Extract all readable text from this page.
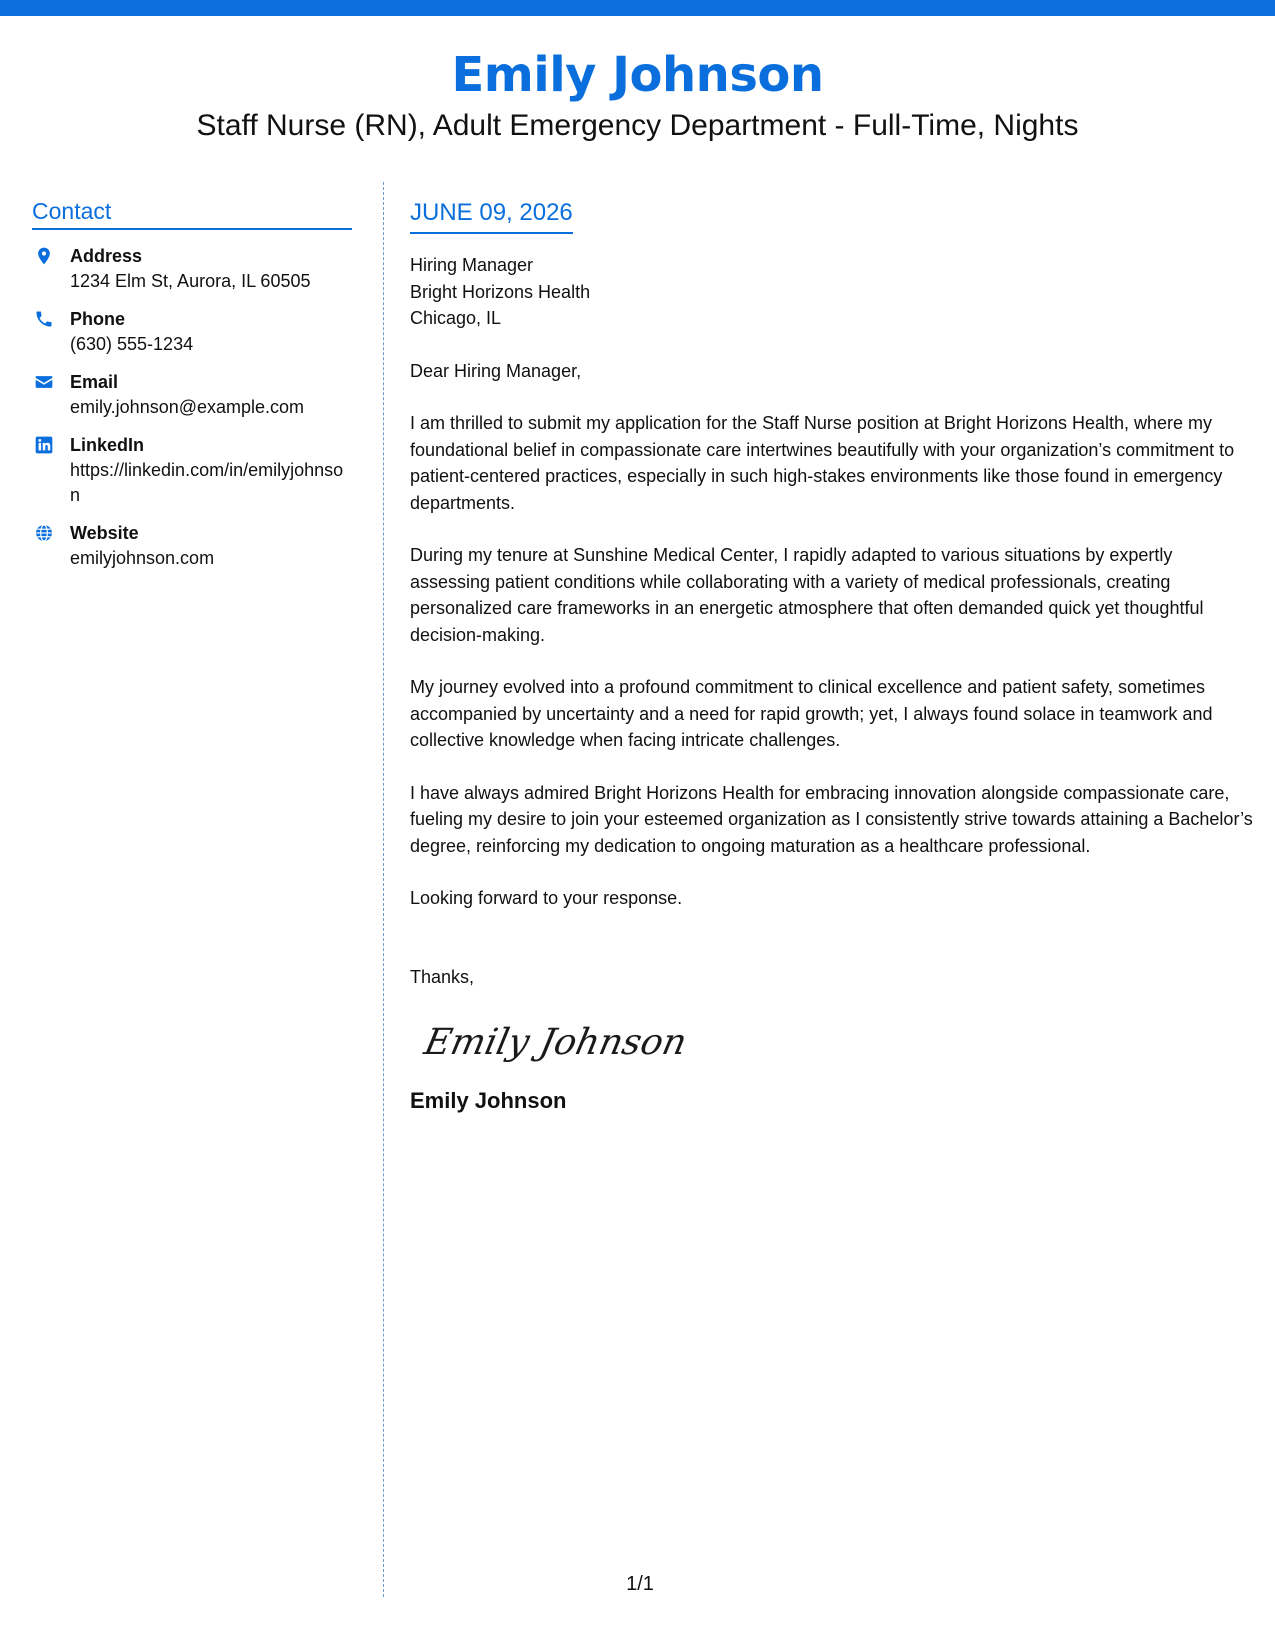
Emily Johnson
Staff Nurse (RN), Adult Emergency Department - Full-Time, Nights
Contact
Address
1234 Elm St, Aurora, IL 60505
Phone
(630) 555-1234
Email
emily.johnson@example.com
LinkedIn
https://linkedin.com/in/emilyjohnson
Website
emilyjohnson.com
JUNE 09, 2026
Hiring Manager
Bright Horizons Health
Chicago, IL

Dear Hiring Manager,

I am thrilled to submit my application for the Staff Nurse position at Bright Horizons Health, where my foundational belief in compassionate care intertwines beautifully with your organization’s commitment to patient-centered practices, especially in such high-stakes environments like those found in emergency departments.

During my tenure at Sunshine Medical Center, I rapidly adapted to various situations by expertly assessing patient conditions while collaborating with a variety of medical professionals, creating personalized care frameworks in an energetic atmosphere that often demanded quick yet thoughtful decision-making.

My journey evolved into a profound commitment to clinical excellence and patient safety, sometimes accompanied by uncertainty and a need for rapid growth; yet, I always found solace in teamwork and collective knowledge when facing intricate challenges.

I have always admired Bright Horizons Health for embracing innovation alongside compassionate care, fueling my desire to join your esteemed organization as I consistently strive towards attaining a Bachelor’s degree, reinforcing my dedication to ongoing maturation as a healthcare professional.

Looking forward to your response.

Thanks,

Emily Johnson
Emily Johnson
1/1
